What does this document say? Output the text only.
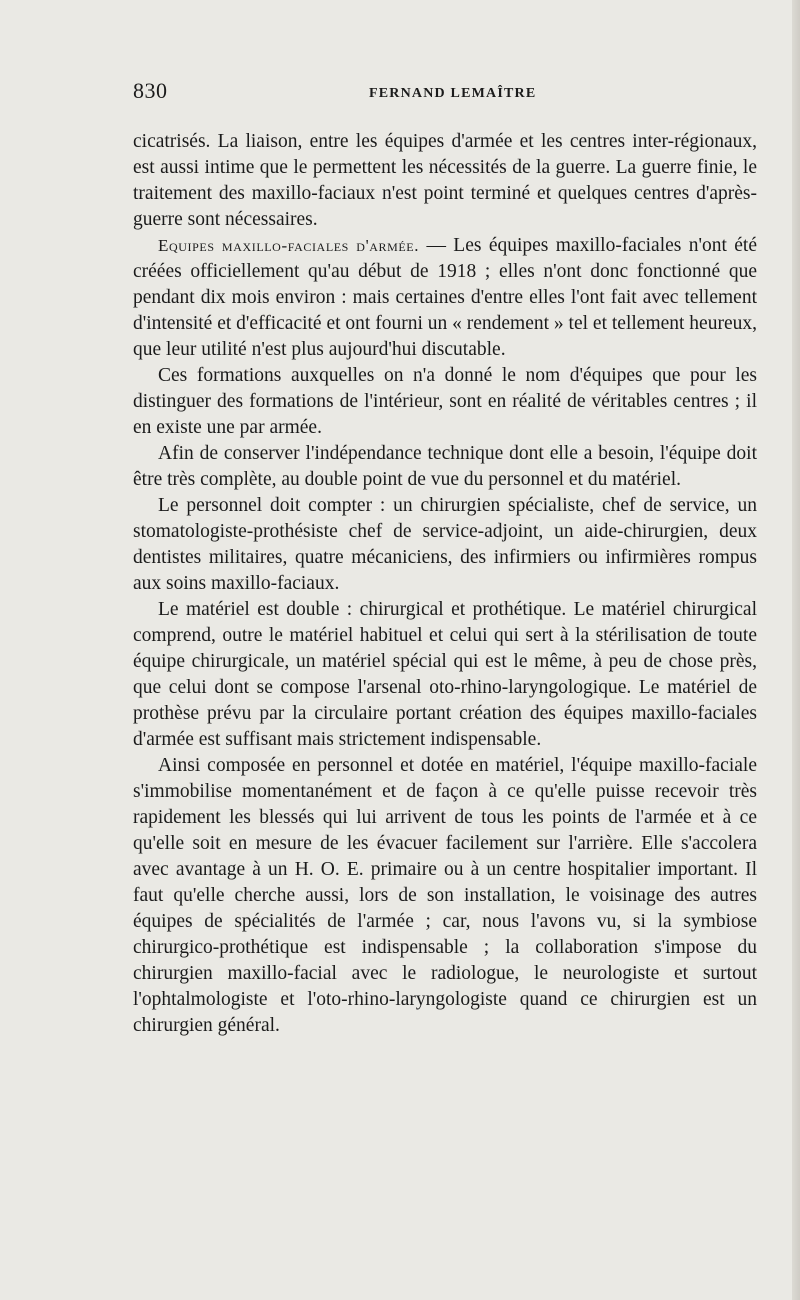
830	FERNAND LEMAÎTRE

cicatrisés. La liaison, entre les équipes d'armée et les centres inter-régionaux, est aussi intime que le permettent les nécessités de la guerre. La guerre finie, le traitement des maxillo-faciaux n'est point terminé et quelques centres d'après-guerre sont nécessaires.

Equipes maxillo-faciales d'armée. — Les équipes maxillo-faciales n'ont été créées officiellement qu'au début de 1918 ; elles n'ont donc fonctionné que pendant dix mois environ : mais certaines d'entre elles l'ont fait avec tellement d'intensité et d'efficacité et ont fourni un « rendement » tel et tellement heureux, que leur utilité n'est plus aujourd'hui discutable.

Ces formations auxquelles on n'a donné le nom d'équipes que pour les distinguer des formations de l'intérieur, sont en réalité de véritables centres ; il en existe une par armée.

Afin de conserver l'indépendance technique dont elle a besoin, l'équipe doit être très complète, au double point de vue du personnel et du matériel.

Le personnel doit compter : un chirurgien spécialiste, chef de service, un stomatologiste-prothésiste chef de service-adjoint, un aide-chirurgien, deux dentistes militaires, quatre mécaniciens, des infirmiers ou infirmières rompus aux soins maxillo-faciaux.

Le matériel est double : chirurgical et prothétique. Le matériel chirurgical comprend, outre le matériel habituel et celui qui sert à la stérilisation de toute équipe chirurgicale, un matériel spécial qui est le même, à peu de chose près, que celui dont se compose l'arsenal oto-rhino-laryngologique. Le matériel de prothèse prévu par la circulaire portant création des équipes maxillo-faciales d'armée est suffisant mais strictement indispensable.

Ainsi composée en personnel et dotée en matériel, l'équipe maxillo-faciale s'immobilise momentanément et de façon à ce qu'elle puisse recevoir très rapidement les blessés qui lui arrivent de tous les points de l'armée et à ce qu'elle soit en mesure de les évacuer facilement sur l'arrière. Elle s'accolera avec avantage à un H. O. E. primaire ou à un centre hospitalier important. Il faut qu'elle cherche aussi, lors de son installation, le voisinage des autres équipes de spécialités de l'armée ; car, nous l'avons vu, si la symbiose chirurgico-prothétique est indispensable ; la collaboration s'impose du chirurgien maxillo-facial avec le radiologue, le neurologiste et surtout l'ophtalmologiste et l'oto-rhino-laryngologiste quand ce chirurgien est un chirurgien général.
